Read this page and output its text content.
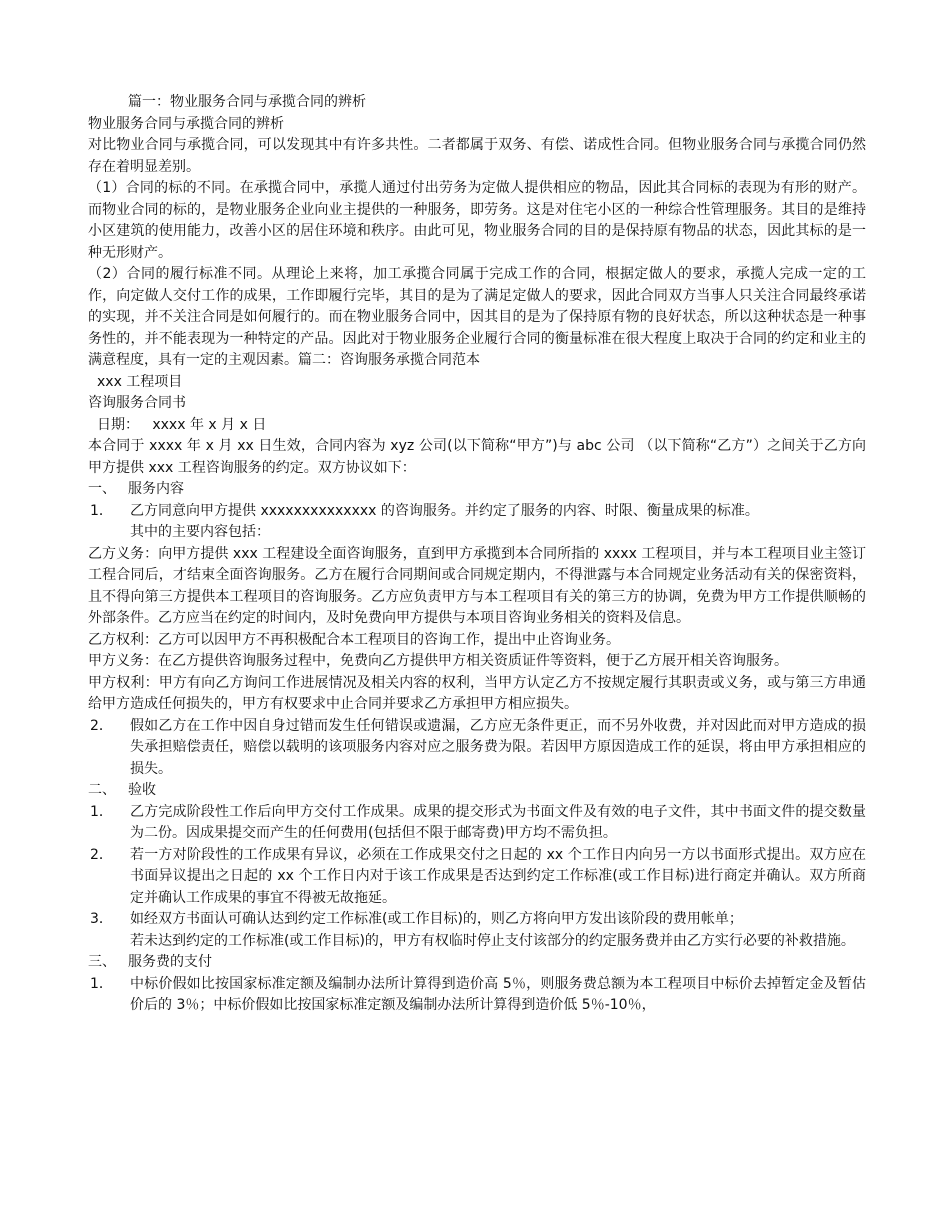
篇一：物业服务合同与承揽合同的辨析

物业服务合同与承揽合同的辨析

对比物业合同与承揽合同，可以发现其中有许多共性。二者都属于双务、有偿、诺成性合同。但物业服务合同与承揽合同仍然存在着明显差别。

（1）合同的标的不同。在承揽合同中，承揽人通过付出劳务为定做人提供相应的物品，因此其合同标的表现为有形的财产。而物业合同的标的，是物业服务企业向业主提供的一种服务，即劳务。这是对住宅小区的一种综合性管理服务。其目的是维持小区建筑的使用能力，改善小区的居住环境和秩序。由此可见，物业服务合同的目的是保持原有物品的状态，因此其标的是一种无形财产。

（2）合同的履行标准不同。从理论上来将，加工承揽合同属于完成工作的合同，根据定做人的要求，承揽人完成一定的工作，向定做人交付工作的成果，工作即履行完毕，其目的是为了满足定做人的要求，因此合同双方当事人只关注合同最终承诺的实现，并不关注合同是如何履行的。而在物业服务合同中，因其目的是为了保持原有物的良好状态，所以这种状态是一种事务性的，并不能表现为一种特定的产品。因此对于物业服务企业履行合同的衡量标准在很大程度上取决于合同的约定和业主的满意程度，具有一定的主观因素。篇二：咨询服务承揽合同范本

xxx 工程项目

咨询服务合同书

日期： xxxx 年 x 月 x 日

本合同于 xxxx 年 x 月 xx 日生效，合同内容为 xyz 公司(以下简称“甲方”)与 abc 公司 （以下简称“乙方”）之间关于乙方向甲方提供 xxx 工程咨询服务的约定。双方协议如下：

一、 服务内容
1．	乙方同意向甲方提供 xxxxxxxxxxxxxx 的咨询服务。并约定了服务的内容、时限、衡量成果的标准。
其中的主要内容包括：

乙方义务：向甲方提供 xxx 工程建设全面咨询服务，直到甲方承揽到本合同所指的 xxxx 工程项目，并与本工程项目业主签订工程合同后，才结束全面咨询服务。乙方在履行合同期间或合同规定期内，不得泄露与本合同规定业务活动有关的保密资料，且不得向第三方提供本工程项目的咨询服务。乙方应负责甲方与本工程项目有关的第三方的协调，免费为甲方工作提供顺畅的外部条件。乙方应当在约定的时间内，及时免费向甲方提供与本项目咨询业务相关的资料及信息。

乙方权利：乙方可以因甲方不再积极配合本工程项目的咨询工作，提出中止咨询业务。

甲方义务：在乙方提供咨询服务过程中，免费向乙方提供甲方相关资质证件等资料，便于乙方展开相关咨询服务。

甲方权利：甲方有向乙方询问工作进展情况及相关内容的权利，当甲方认定乙方不按规定履行其职责或义务，或与第三方串通给甲方造成任何损失的，甲方有权要求中止合同并要求乙方承担甲方相应损失。

2．	假如乙方在工作中因自身过错而发生任何错误或遗漏，乙方应无条件更正，而不另外收费，并对因此而对甲方造成的损失承担赔偿责任，赔偿以载明的该项服务内容对应之服务费为限。若因甲方原因造成工作的延误，将由甲方承担相应的损失。
二、 验收
1．	乙方完成阶段性工作后向甲方交付工作成果。成果的提交形式为书面文件及有效的电子文件，其中书面文件的提交数量为二份。因成果提交而产生的任何费用(包括但不限于邮寄费)甲方均不需负担。
2．	若一方对阶段性的工作成果有异议，必须在工作成果交付之日起的 xx 个工作日内向另一方以书面形式提出。双方应在书面异议提出之日起的 xx 个工作日内对于该工作成果是否达到约定工作标准(或工作目标)进行商定并确认。双方所商定并确认工作成果的事宜不得被无故拖延。
3．	如经双方书面认可确认达到约定工作标准(或工作目标)的，则乙方将向甲方发出该阶段的费用帐单；
若未达到约定的工作标准(或工作目标)的，甲方有权临时停止支付该部分的约定服务费并由乙方实行必要的补救措施。
三、 服务费的支付
1．	中标价假如比按国家标准定额及编制办法所计算得到造价高 5％，则服务费总额为本工程项目中标价去掉暂定金及暂估价后的 3％；中标价假如比按国家标准定额及编制办法所计算得到造价低 5％-10％，
